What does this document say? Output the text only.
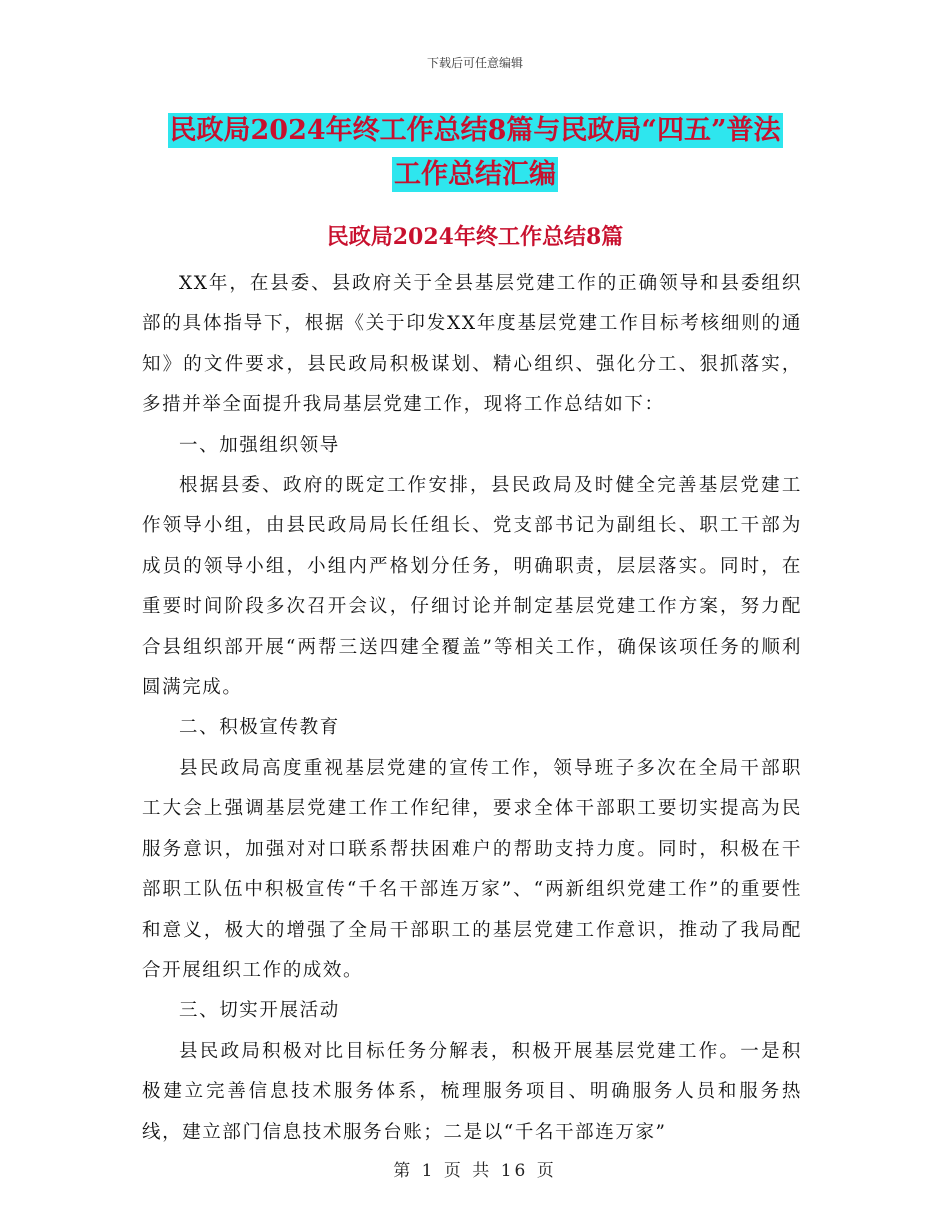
下载后可任意编辑
民政局2024年终工作总结8篇与民政局“四五”普法
工作总结汇编
民政局2024年终工作总结8篇

XX年，在县委、县政府关于全县基层党建工作的正确领导和县委组织部的具体指导下，根据《关于印发XX年度基层党建工作目标考核细则的通知》的文件要求，县民政局积极谋划、精心组织、强化分工、狠抓落实，多措并举全面提升我局基层党建工作，现将工作总结如下：

一、加强组织领导

根据县委、政府的既定工作安排，县民政局及时健全完善基层党建工作领导小组，由县民政局局长任组长、党支部书记为副组长、职工干部为成员的领导小组，小组内严格划分任务，明确职责，层层落实。同时，在重要时间阶段多次召开会议，仔细讨论并制定基层党建工作方案，努力配合县组织部开展“两帮三送四建全覆盖”等相关工作，确保该项任务的顺利圆满完成。

二、积极宣传教育

县民政局高度重视基层党建的宣传工作，领导班子多次在全局干部职工大会上强调基层党建工作工作纪律，要求全体干部职工要切实提高为民服务意识，加强对对口联系帮扶困难户的帮助支持力度。同时，积极在干部职工队伍中积极宣传“千名干部连万家”、“两新组织党建工作”的重要性和意义，极大的增强了全局干部职工的基层党建工作意识，推动了我局配合开展组织工作的成效。

三、切实开展活动

县民政局积极对比目标任务分解表，积极开展基层党建工作。一是积极建立完善信息技术服务体系，梳理服务项目、明确服务人员和服务热线，建立部门信息技术服务台账；二是以“千名干部连万家”

第 1 页 共 16 页
